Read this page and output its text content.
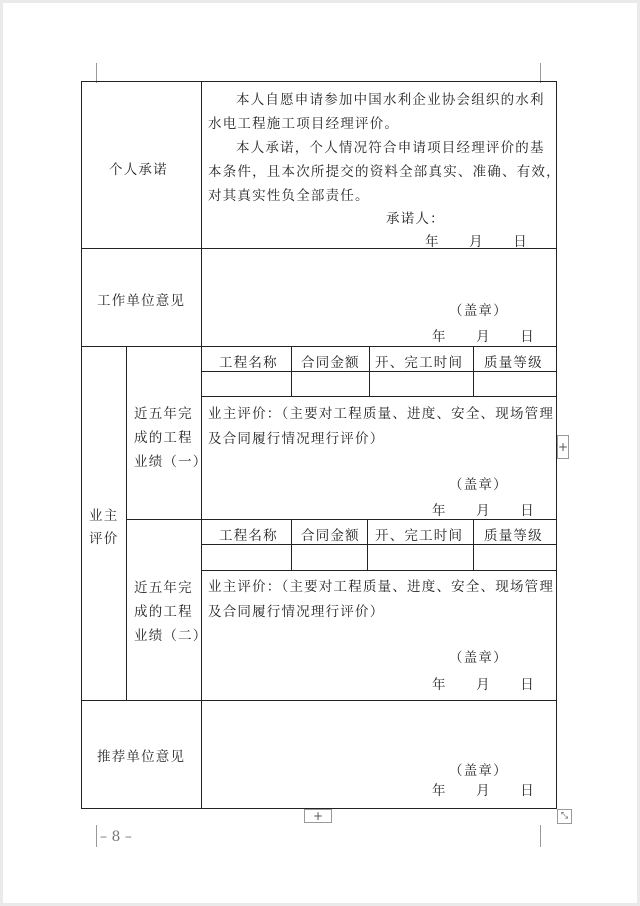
个人承诺
本人自愿申请参加中国水利企业协会组织的水利
水电工程施工项目经理评价。
本人承诺，个人情况符合申请项目经理评价的基
本条件，且本次所提交的资料全部真实、准确、有效，
对其真实性负全部责任。
承诺人：
年　　月　　日
工作单位意见
（盖章）
年　　月　　日
业主
评价
近五年完
成的工程
业绩（一）
工程名称 合同金额 开、完工时间 质量等级
业主评价：（主要对工程质量、进度、安全、现场管理
及合同履行情况理行评价）
（盖章）
年　　月　　日
近五年完
成的工程
业绩（二）
工程名称 合同金额 开、完工时间 质量等级
业主评价：（主要对工程质量、进度、安全、现场管理
及合同履行情况理行评价）
（盖章）
年　　月　　日
推荐单位意见
（盖章）
年　　月　　日
+
+	⤡
– 8 –
